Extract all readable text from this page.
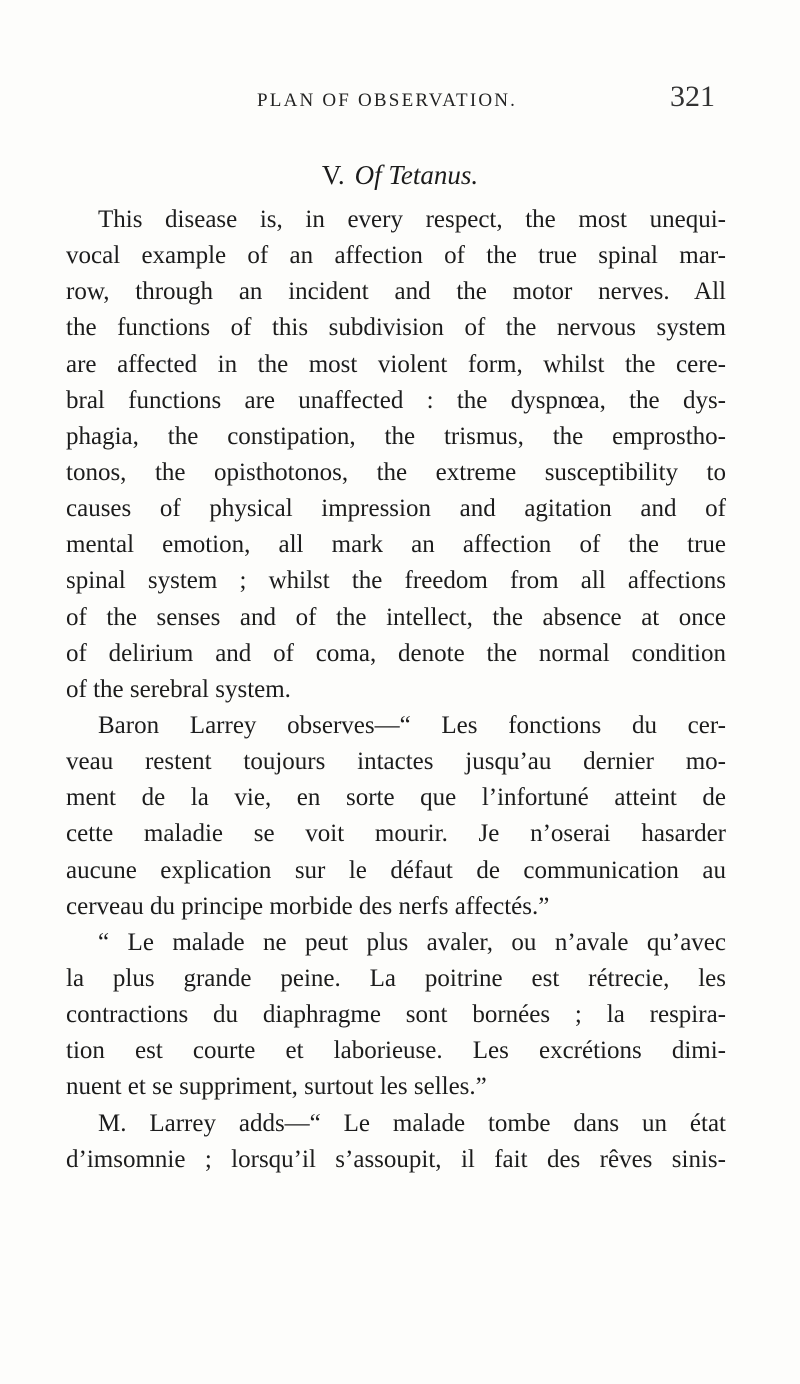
PLAN OF OBSERVATION.	321
V. Of Tetanus.
This disease is, in every respect, the most unequi-
vocal example of an affection of the true spinal mar-
row, through an incident and the motor nerves. All
the functions of this subdivision of the nervous system
are affected in the most violent form, whilst the cere-
bral functions are unaffected : the dyspnœa, the dys-
phagia, the constipation, the trismus, the emprostho-
tonos, the opisthotonos, the extreme susceptibility to
causes of physical impression and agitation and of
mental emotion, all mark an affection of the true
spinal system ; whilst the freedom from all affections
of the senses and of the intellect, the absence at once
of delirium and of coma, denote the normal condition
of the serebral system.
Baron Larrey observes—“ Les fonctions du cer-
veau restent toujours intactes jusqu’au dernier mo-
ment de la vie, en sorte que l’infortuné atteint de
cette maladie se voit mourir. Je n’oserai hasarder
aucune explication sur le défaut de communication au
cerveau du principe morbide des nerfs affectés.”
“ Le malade ne peut plus avaler, ou n’avale qu’avec
la plus grande peine. La poitrine est rétrecie, les
contractions du diaphragme sont bornées ; la respira-
tion est courte et laborieuse. Les excrétions dimi-
nuent et se suppriment, surtout les selles.”
M. Larrey adds—“ Le malade tombe dans un état
d’imsomnie ; lorsqu’il s’assoupit, il fait des rêves sinis-
